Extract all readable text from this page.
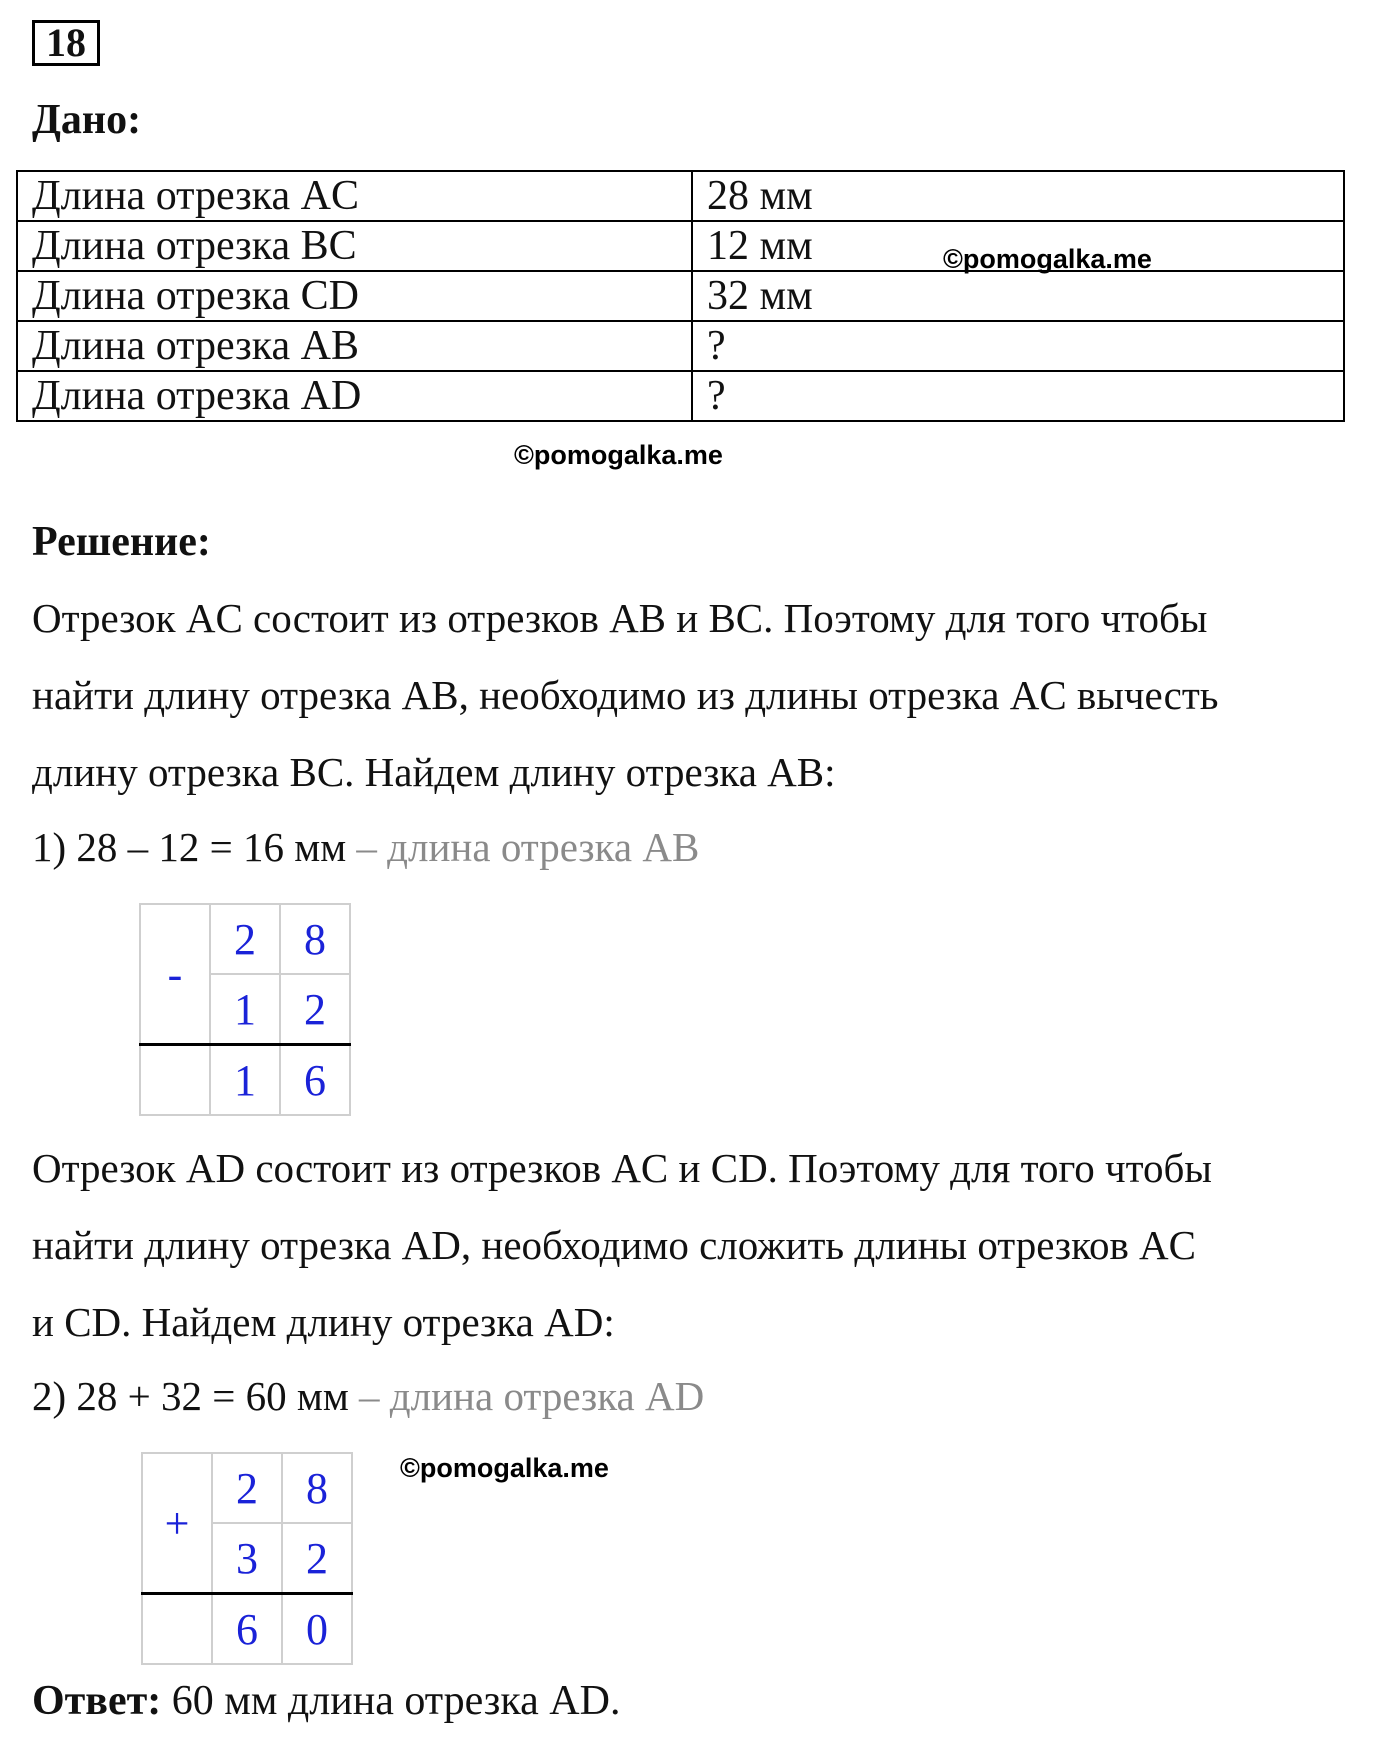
18
Дано:
Длина отрезка AC	28 мм
Длина отрезка BC	12 мм
Длина отрезка CD	32 мм
Длина отрезка AB	?
Длина отрезка AD	?
©pomogalka.me
©pomogalka.me
Решение:
Отрезок AC состоит из отрезков AB и BC. Поэтому для того чтобы
найти длину отрезка AB, необходимо из длины отрезка AC вычесть
длину отрезка BC. Найдем длину отрезка AB:
1) 28 – 12 = 16 мм – длина отрезка AB
-	2	8
	1	2
	1	6
Отрезок AD состоит из отрезков AC и CD. Поэтому для того чтобы
найти длину отрезка AD, необходимо сложить длины отрезков AC
и CD. Найдем длину отрезка AD:
2) 28 + 32 = 60 мм – длина отрезка AD
©pomogalka.me
+	2	8
	3	2
	6	0
Ответ: 60 мм длина отрезка AD.
